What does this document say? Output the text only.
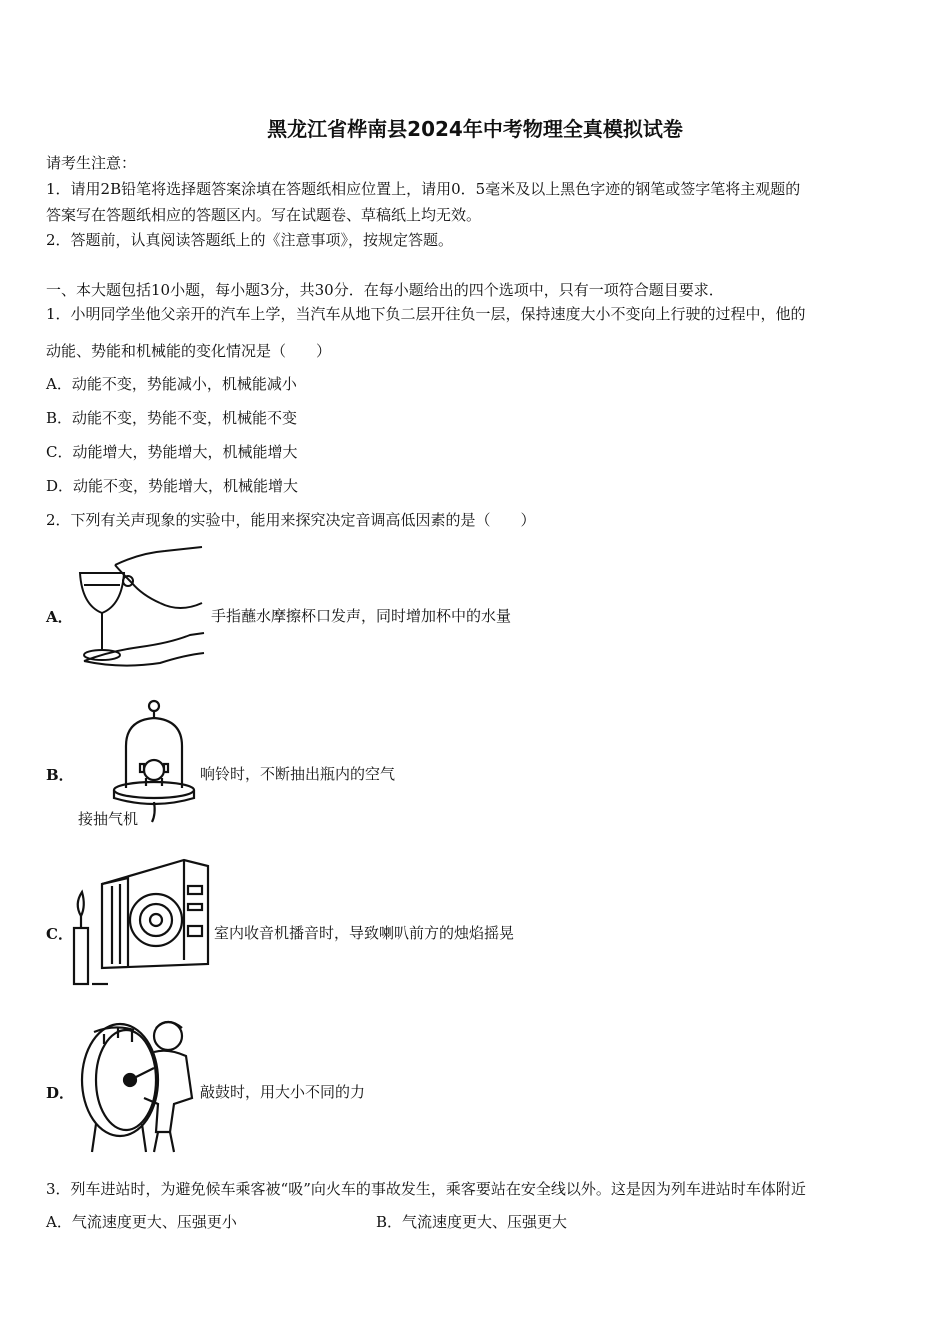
黑龙江省桦南县2024年中考物理全真模拟试卷
请考生注意：
1．请用2B铅笔将选择题答案涂填在答题纸相应位置上，请用0．5毫米及以上黑色字迹的钢笔或签字笔将主观题的
答案写在答题纸相应的答题区内。写在试题卷、草稿纸上均无效。
2．答题前，认真阅读答题纸上的《注意事项》，按规定答题。
一、本大题包括10小题，每小题3分，共30分．在每小题给出的四个选项中，只有一项符合题目要求．
1．小明同学坐他父亲开的汽车上学，当汽车从地下负二层开往负一层，保持速度大小不变向上行驶的过程中，他的
动能、势能和机械能的变化情况是（　　）
A．动能不变，势能减小，机械能减小
B．动能不变，势能不变，机械能不变
C．动能增大，势能增大，机械能增大
D．动能不变，势能增大，机械能增大
2．下列有关声现象的实验中，能用来探究决定音调高低因素的是（　　）
A．	手指蘸水摩擦杯口发声，同时增加杯中的水量
B．
接抽气机
响铃时，不断抽出瓶内的空气
C．	室内收音机播音时，导致喇叭前方的烛焰摇晃
D．	敲鼓时，用大小不同的力
3．列车进站时，为避免候车乘客被“吸”向火车的事故发生，乘客要站在安全线以外。这是因为列车进站时车体附近
A．气流速度更大、压强更小	B．气流速度更大、压强更大
